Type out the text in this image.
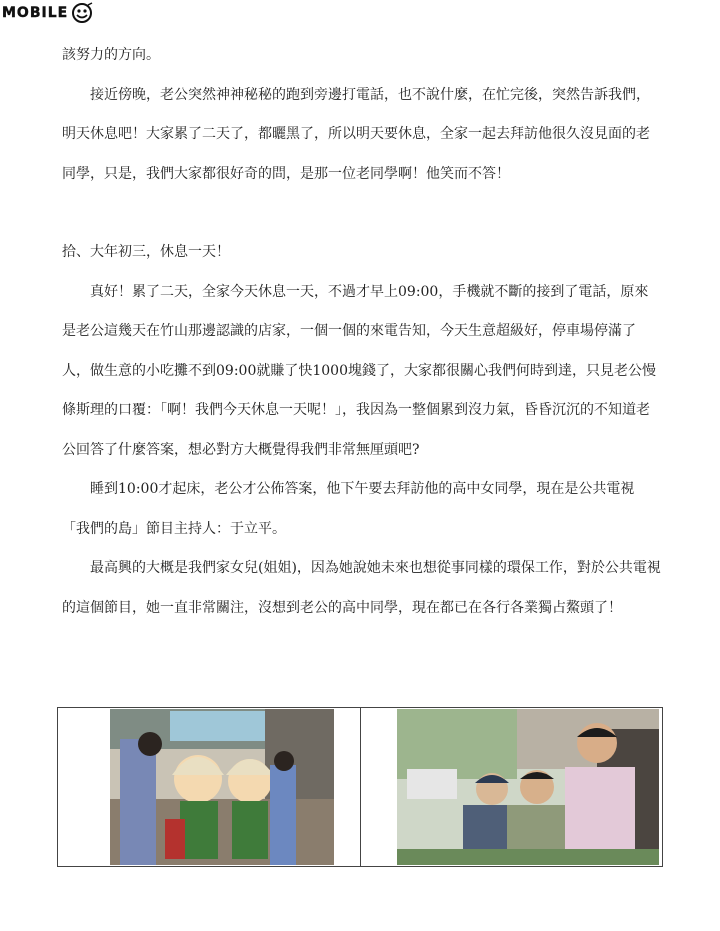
MOBILE

該努力的方向。

接近傍晚，老公突然神神秘秘的跑到旁邊打電話，也不說什麼，在忙完後，突然告訴我們，明天休息吧！大家累了二天了，都曬黑了，所以明天要休息，全家一起去拜訪他很久沒見面的老同學，只是，我們大家都很好奇的問，是那一位老同學啊！他笑而不答！

拾、大年初三，休息一天！

真好！累了二天，全家今天休息一天，不過才早上09:00，手機就不斷的接到了電話，原來是老公這幾天在竹山那邊認識的店家，一個一個的來電告知，今天生意超級好，停車場停滿了人，做生意的小吃攤不到09:00就賺了快1000塊錢了，大家都很關心我們何時到達，只見老公慢條斯理的口覆：「啊！我們今天休息一天呢！」，我因為一整個累到沒力氣，昏昏沉沉的不知道老公回答了什麼答案，想必對方大概覺得我們非常無厘頭吧?

睡到10:00才起床，老公才公佈答案，他下午要去拜訪他的高中女同學，現在是公共電視「我們的島」節目主持人：于立平。

最高興的大概是我們家女兒(姐姐)，因為她說她未來也想從事同樣的環保工作，對於公共電視的這個節目，她一直非常關注，沒想到老公的高中同學，現在都已在各行各業獨占鰲頭了！
